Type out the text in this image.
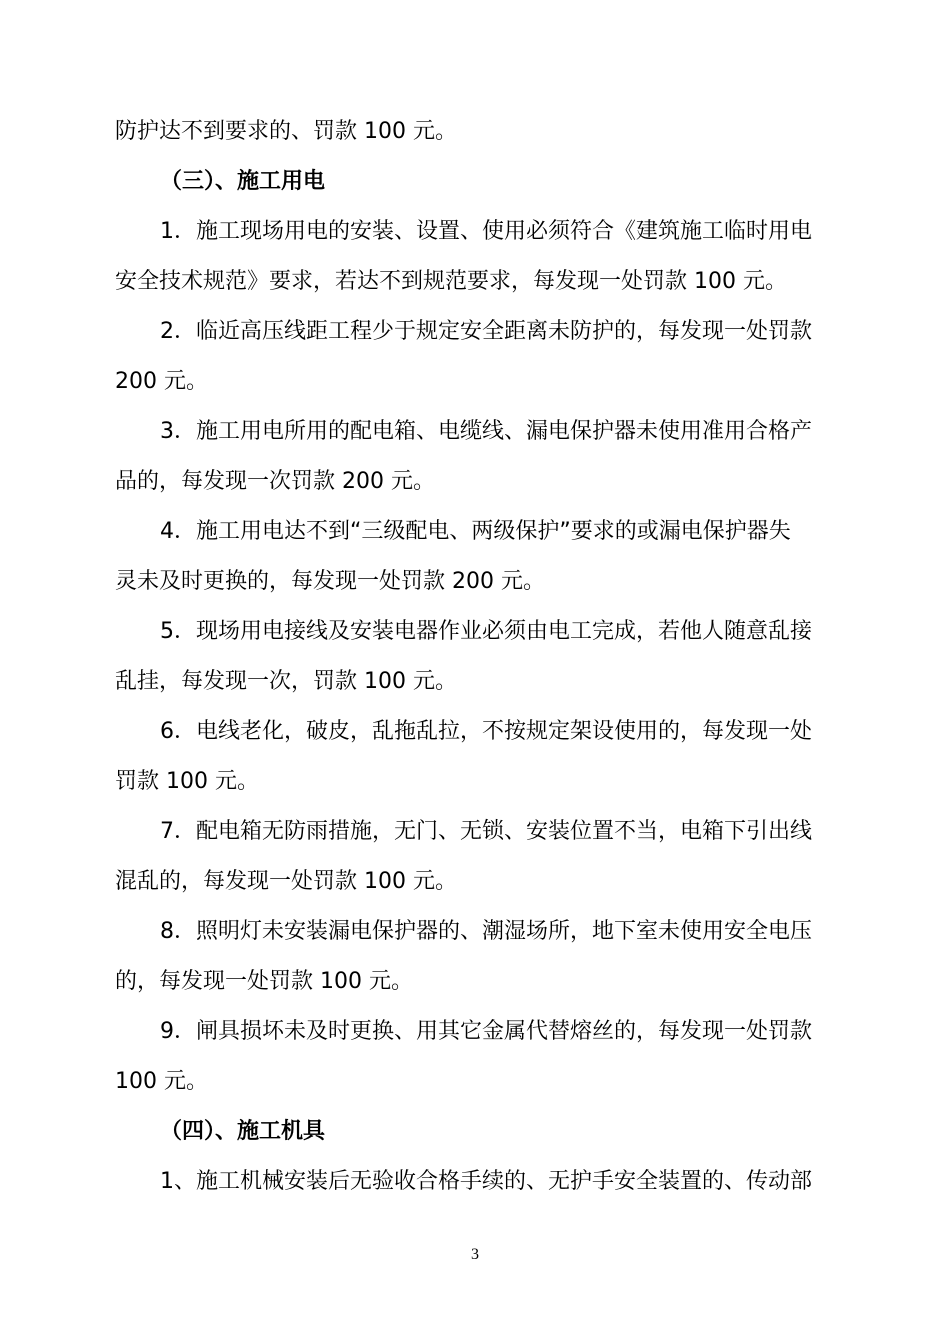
防护达不到要求的、罚款 100 元。
（三）、施工用电
1．施工现场用电的安装、设置、使用必须符合《建筑施工临时用电
安全技术规范》要求，若达不到规范要求，每发现一处罚款 100 元。
2．临近高压线距工程少于规定安全距离未防护的，每发现一处罚款
200 元。
3．施工用电所用的配电箱、电缆线、漏电保护器未使用准用合格产
品的，每发现一次罚款 200 元。
4．施工用电达不到“三级配电、两级保护”要求的或漏电保护器失
灵未及时更换的，每发现一处罚款 200 元。
5．现场用电接线及安装电器作业必须由电工完成，若他人随意乱接
乱挂，每发现一次，罚款 100 元。
6．电线老化，破皮，乱拖乱拉，不按规定架设使用的，每发现一处
罚款 100 元。
7．配电箱无防雨措施，无门、无锁、安装位置不当，电箱下引出线
混乱的，每发现一处罚款 100 元。
8．照明灯未安装漏电保护器的、潮湿场所，地下室未使用安全电压
的，每发现一处罚款 100 元。
9．闸具损坏未及时更换、用其它金属代替熔丝的，每发现一处罚款
100 元。
（四）、施工机具
1、施工机械安装后无验收合格手续的、无护手安全装置的、传动部
3
